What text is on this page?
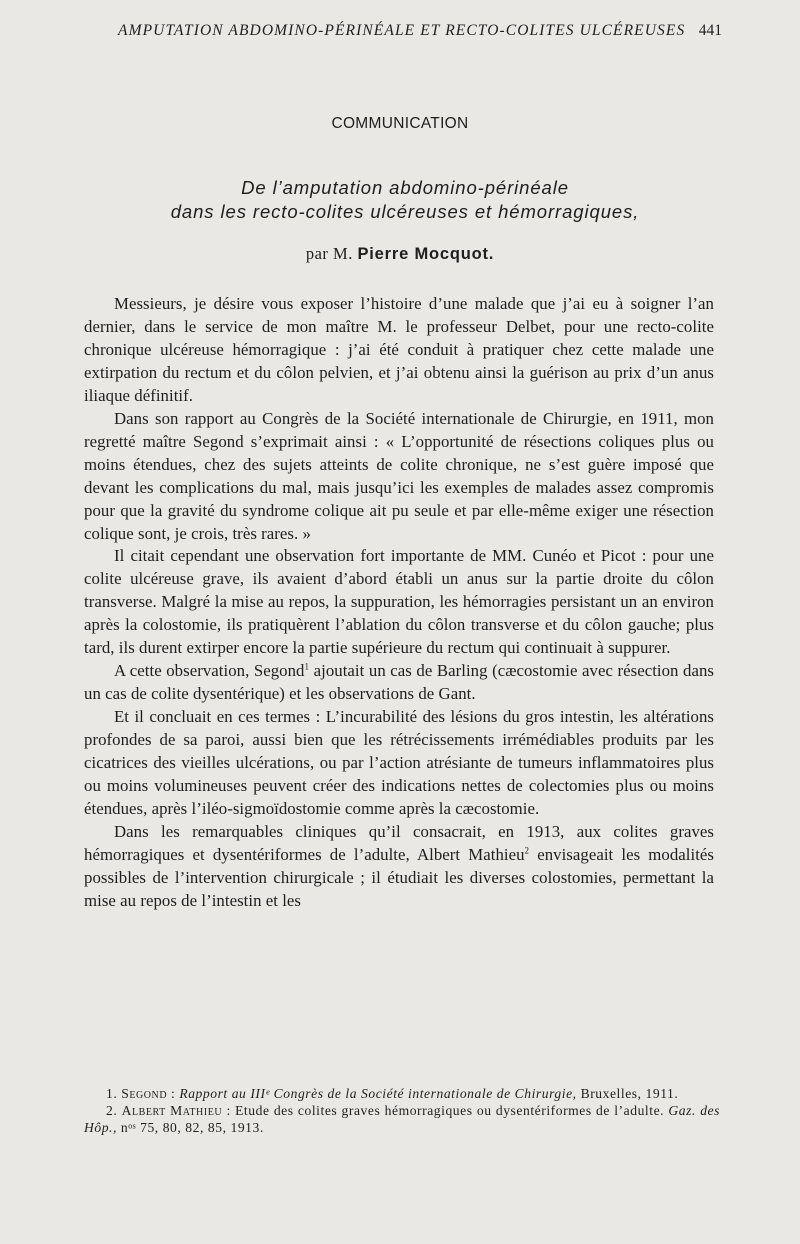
AMPUTATION ABDOMINO-PÉRINÉALE ET RECTO-COLITES ULCÉREUSES 441
COMMUNICATION
De l’amputation abdomino-périnéale
dans les recto-colites ulcéreuses et hémorragiques,
par M. Pierre Mocquot.

Messieurs, je désire vous exposer l’histoire d’une malade que j’ai eu à soigner l’an dernier, dans le service de mon maître M. le professeur Delbet, pour une recto-colite chronique ulcéreuse hémorragique : j’ai été conduit à pratiquer chez cette malade une extirpation du rectum et du côlon pelvien, et j’ai obtenu ainsi la guérison au prix d’un anus iliaque définitif.

Dans son rapport au Congrès de la Société internationale de Chirurgie, en 1911, mon regretté maître Segond s’exprimait ainsi : « L’opportunité de résections coliques plus ou moins étendues, chez des sujets atteints de colite chronique, ne s’est guère imposé que devant les complications du mal, mais jusqu’ici les exemples de malades assez compromis pour que la gravité du syndrome colique ait pu seule et par elle-même exiger une résection colique sont, je crois, très rares. »

Il citait cependant une observation fort importante de MM. Cunéo et Picot : pour une colite ulcéreuse grave, ils avaient d’abord établi un anus sur la partie droite du côlon transverse. Malgré la mise au repos, la suppuration, les hémorragies persistant un an environ après la colostomie, ils pratiquèrent l’ablation du côlon transverse et du côlon gauche; plus tard, ils durent extirper encore la partie supérieure du rectum qui continuait à suppurer.

A cette observation, Segond$^1$ ajoutait un cas de Barling (cæcostomie avec résection dans un cas de colite dysentérique) et les observations de Gant.

Et il concluait en ces termes : L’incurabilité des lésions du gros intestin, les altérations profondes de sa paroi, aussi bien que les rétrécissements irrémédiables produits par les cicatrices des vieilles ulcérations, ou par l’action atrésiante de tumeurs inflammatoires plus ou moins volumineuses peuvent créer des indications nettes de colectomies plus ou moins étendues, après l’iléo-sigmoïdostomie comme après la cæcostomie.

Dans les remarquables cliniques qu’il consacrait, en 1913, aux colites graves hémorragiques et dysentériformes de l’adulte, Albert Mathieu$^2$ envisageait les modalités possibles de l’intervention chirurgicale ; il étudiait les diverses colostomies, permettant la mise au repos de l’intestin et les

1. Segond : Rapport au IIIᵉ Congrès de la Société internationale de Chirurgie, Bruxelles, 1911.

2. Albert Mathieu : Etude des colites graves hémorragiques ou dysentériformes de l’adulte. Gaz. des Hôp., nᵒˢ 75, 80, 82, 85, 1913.
